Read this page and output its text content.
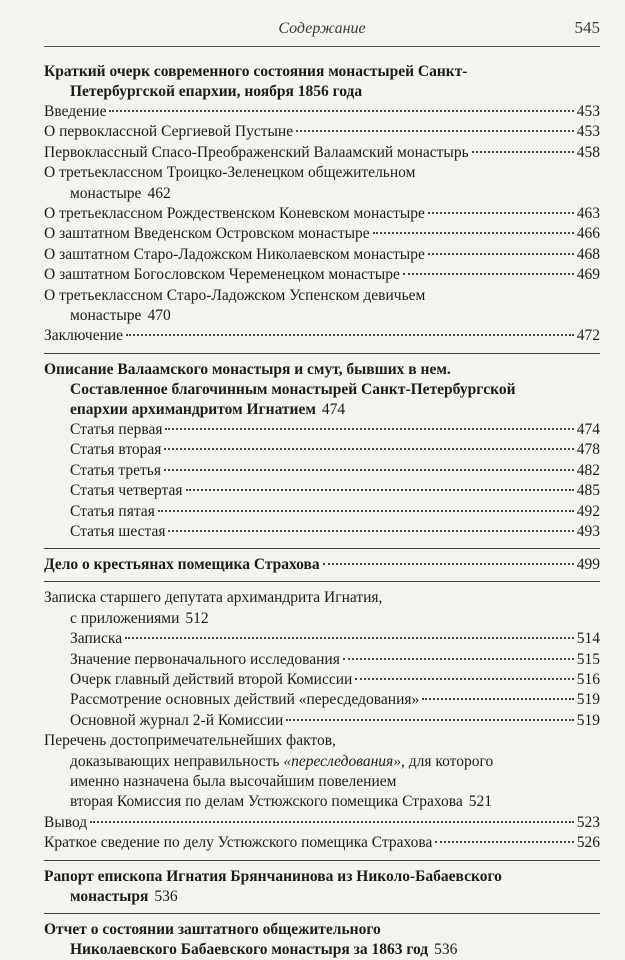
Содержание	545
Краткий очерк современного состояния монастырей Санкт-
Петербургской епархии, ноября 1856 года
Введение	453
О первоклассной Сергиевой Пустыне	453
Первоклассный Спасо-Преображенский Валаамский монастырь	458
О третьеклассном Троицко-Зеленецком общежительном
монастыре 462
О третьеклассном Рождественском Коневском монастыре	463
О заштатном Введенском Островском монастыре	466
О заштатном Старо-Ладожском Николаевском монастыре	468
О заштатном Богословском Череменецком монастыре	469
О третьеклассном Старо-Ладожском Успенском девичьем
монастыре 470
Заключение	472
Описание Валаамского монастыря и смут, бывших в нем.
Составленное благочинным монастырей Санкт-Петербургской
епархии архимандритом Игнатием 474
Статья первая	474
Статья вторая	478
Статья третья	482
Статья четвертая	485
Статья пятая	492
Статья шестая	493
Дело о крестьянах помещика Страхова	499
Записка старшего депутата архимандрита Игнатия,
с приложениями 512
Записка	514
Значение первоначального исследования	515
Очерк главный действий второй Комиссии	516
Рассмотрение основных действий «пересдедования»	519
Основной журнал 2-й Комиссии	519
Перечень достопримечательнейших фактов,
доказывающих неправильность «переследования», для которого
именно назначена была высочайшим повелением
вторая Комиссия по делам Устюжского помещика Страхова 521
Вывод	523
Краткое сведение по делу Устюжского помещика Страхова	526
Рапорт епископа Игнатия Брянчанинова из Николо-Бабаевского
монастыря 536
Отчет о состоянии заштатного общежительного
Николаевского Бабаевского монастыря за 1863 год 536
